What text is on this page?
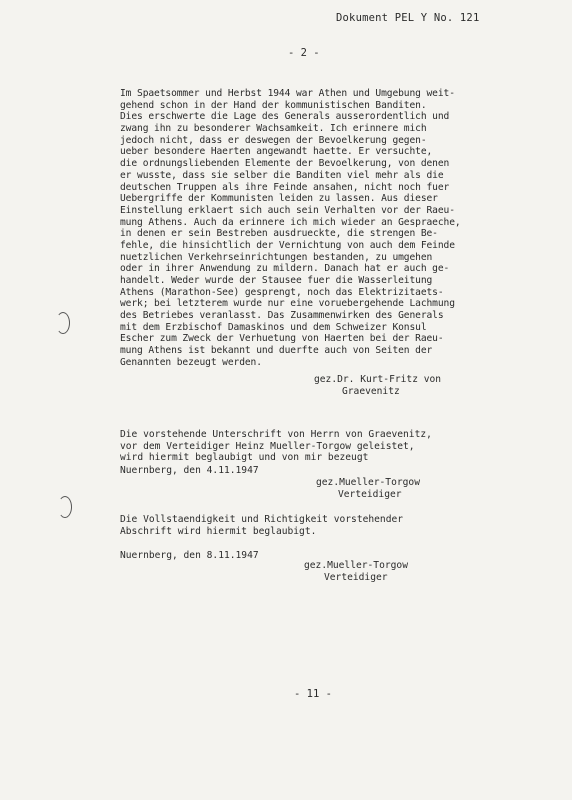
Dokument PEL Y No. 121
- 2 -
Im Spaetsommer und Herbst 1944 war Athen und Umgebung weit-
gehend schon in der Hand der kommunistischen Banditen.
Dies erschwerte die Lage des Generals ausserordentlich und
zwang ihn zu besonderer Wachsamkeit. Ich erinnere mich
jedoch nicht, dass er deswegen der Bevoelkerung gegen-
ueber besondere Haerten angewandt haette. Er versuchte,
die ordnungsliebenden Elemente der Bevoelkerung, von denen
er wusste, dass sie selber die Banditen viel mehr als die
deutschen Truppen als ihre Feinde ansahen, nicht noch fuer
Uebergriffe der Kommunisten leiden zu lassen. Aus dieser
Einstellung erklaert sich auch sein Verhalten vor der Raeu-
mung Athens. Auch da erinnere ich mich wieder an Gespraeche,
in denen er sein Bestreben ausdrueckte, die strengen Be-
fehle, die hinsichtlich der Vernichtung von auch dem Feinde
nuetzlichen Verkehrseinrichtungen bestanden, zu umgehen
oder in ihrer Anwendung zu mildern. Danach hat er auch ge-
handelt. Weder wurde der Stausee fuer die Wasserleitung
Athens (Marathon-See) gesprengt, noch das Elektrizitaets-
werk; bei letzterem wurde nur eine voruebergehende Lachmung
des Betriebes veranlasst. Das Zusammenwirken des Generals
mit dem Erzbischof Damaskinos und dem Schweizer Konsul
Escher zum Zweck der Verhuetung von Haerten bei der Raeu-
mung Athens ist bekannt und duerfte auch von Seiten der
Genannten bezeugt werden.
gez.Dr. Kurt-Fritz von
Graevenitz
Die vorstehende Unterschrift von Herrn von Graevenitz,
vor dem Verteidiger Heinz Mueller-Torgow geleistet,
wird hiermit beglaubigt und von mir bezeugt
Nuernberg, den 4.11.1947
gez.Mueller-Torgow
Verteidiger
Die Vollstaendigkeit und Richtigkeit vorstehender
Abschrift wird hiermit beglaubigt.
Nuernberg, den 8.11.1947
gez.Mueller-Torgow
Verteidiger
- 11 -
